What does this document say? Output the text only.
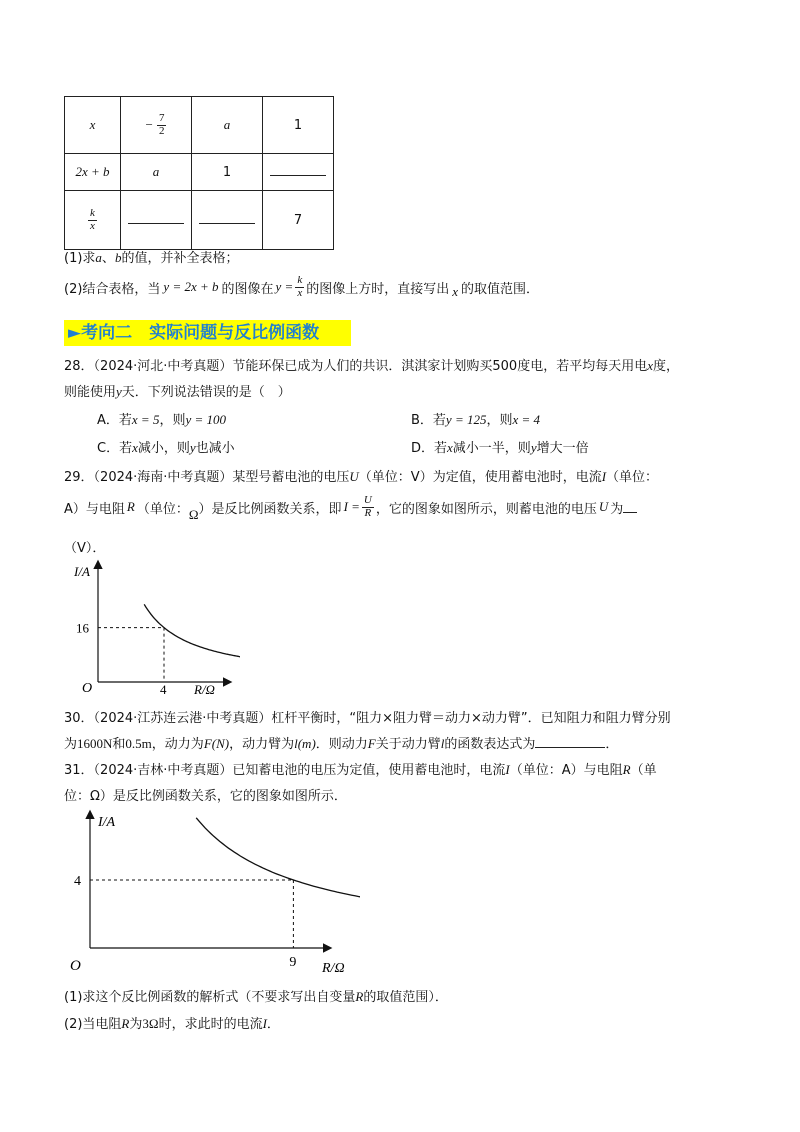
x	− $\frac{7}{2}$	a	1
2x + b	a	1	

$\frac{k}{x}$			7
(1)求a、b的值，并补全表格；
(2)结合表格，当 y = 2x + b 的图像在 $y = \frac{k}{x}$ 的图像上方时，直接写出 x 的取值范围．
►考向二　实际问题与反比例函数
28．（2024·河北·中考真题）节能环保已成为人们的共识．淇淇家计划购买500度电，若平均每天用电x度，
则能使用y天．下列说法错误的是（　）
A．若x = 5，则y = 100	B．若y = 125，则x = 4
C．若x减小，则y也减小	D．若x减小一半，则y增大一倍
29．（2024·海南·中考真题）某型号蓄电池的电压U（单位：V）为定值，使用蓄电池时，电流I（单位：
A）与电阻 R （单位： Ω ）是反比例函数关系，即 $I = \frac{U}{R}$ ，它的图象如图所示，则蓄电池的电压 U 为
（V）．
I/A
R/Ω
O
16
4
30．（2024·江苏连云港·中考真题）杠杆平衡时，“阻力×阻力臂＝动力×动力臂”．已知阻力和阻力臂分别
为1600N和0.5m，动力为F(N)，动力臂为l(m)．则动力F关于动力臂l的函数表达式为	．
31．（2024·吉林·中考真题）已知蓄电池的电压为定值，使用蓄电池时，电流I（单位：A）与电阻R（单
位：Ω）是反比例函数关系，它的图象如图所示．
I/A
R/Ω
O
4
9
(1)求这个反比例函数的解析式（不要求写出自变量R的取值范围）．
(2)当电阻R为3Ω时，求此时的电流I．
